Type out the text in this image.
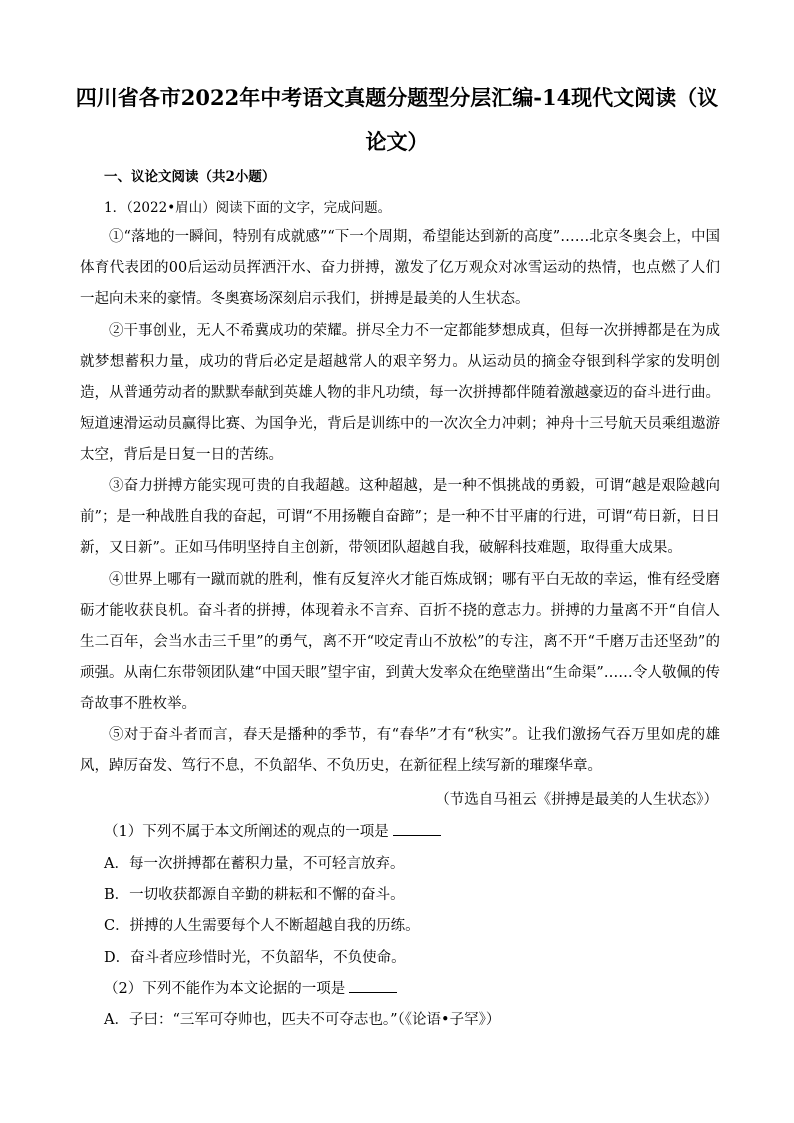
四川省各市2022年中考语文真题分题型分层汇编-14现代文阅读（议
论文）
一、议论文阅读（共2小题）
1．（2022•眉山）阅读下面的文字，完成问题。

①“落地的一瞬间，特别有成就感”“下一个周期，希望能达到新的高度”……北京冬奥会上，中国体育代表团的00后运动员挥洒汗水、奋力拼搏，激发了亿万观众对冰雪运动的热情，也点燃了人们一起向未来的豪情。冬奥赛场深刻启示我们，拼搏是最美的人生状态。

②干事创业，无人不希冀成功的荣耀。拼尽全力不一定都能梦想成真，但每一次拼搏都是在为成就梦想蓄积力量，成功的背后必定是超越常人的艰辛努力。从运动员的摘金夺银到科学家的发明创造，从普通劳动者的默默奉献到英雄人物的非凡功绩，每一次拼搏都伴随着激越豪迈的奋斗进行曲。短道速滑运动员赢得比赛、为国争光，背后是训练中的一次次全力冲刺；神舟十三号航天员乘组遨游太空，背后是日复一日的苦练。

③奋力拼搏方能实现可贵的自我超越。这种超越，是一种不惧挑战的勇毅，可谓“越是艰险越向前”；是一种战胜自我的奋起，可谓“不用扬鞭自奋蹄”；是一种不甘平庸的行进，可谓“苟日新，日日新，又日新”。正如马伟明坚持自主创新，带领团队超越自我，破解科技难题，取得重大成果。

④世界上哪有一蹴而就的胜利，惟有反复淬火才能百炼成钢；哪有平白无故的幸运，惟有经受磨砺才能收获良机。奋斗者的拼搏，体现着永不言弃、百折不挠的意志力。拼搏的力量离不开“自信人生二百年，会当水击三千里”的勇气，离不开“咬定青山不放松”的专注，离不开“千磨万击还坚劲”的顽强。从南仁东带领团队建“中国天眼”望宇宙，到黄大发率众在绝壁凿出“生命渠”……令人敬佩的传奇故事不胜枚举。

⑤对于奋斗者而言，春天是播种的季节，有“春华”才有“秋实”。让我们激扬气吞万里如虎的雄风，踔厉奋发、笃行不息，不负韶华、不负历史，在新征程上续写新的璀璨华章。

（节选自马祖云《拼搏是最美的人生状态》）
（1）下列不属于本文所阐述的观点的一项是
A．每一次拼搏都在蓄积力量，不可轻言放弃。
B．一切收获都源自辛勤的耕耘和不懈的奋斗。
C．拼搏的人生需要每个人不断超越自我的历练。
D．奋斗者应珍惜时光，不负韶华，不负使命。
（2）下列不能作为本文论据的一项是
A．子曰：“三军可夺帅也，匹夫不可夺志也。”（《论语•子罕》）
